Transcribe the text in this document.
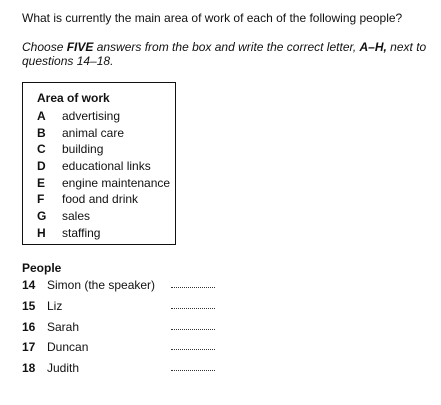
What is currently the main area of work of each of the following people?
Choose FIVE answers from the box and write the correct letter, A–H, next to questions 14–18.
Area of work
A advertising
B animal care
C building
D educational links
E engine maintenance
F food and drink
G sales
H staffing
People
14 Simon (the speaker)
15 Liz
16 Sarah
17 Duncan
18 Judith
